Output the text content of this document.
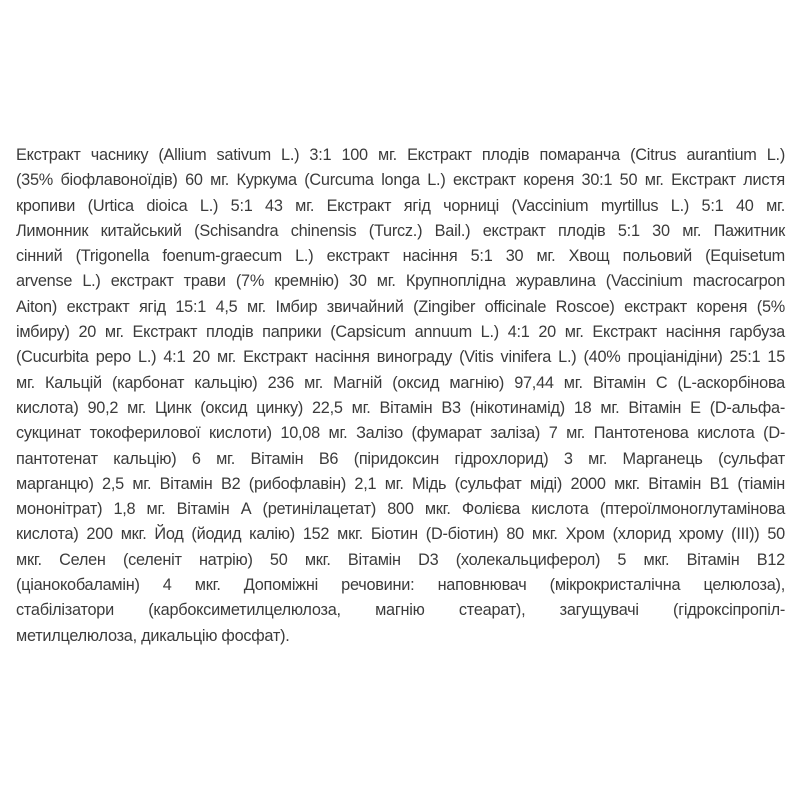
Екстракт часнику (Allium sativum L.) 3:1 100 мг. Екстракт плодів помаранча (Citrus aurantium L.)
(35% біофлавоноїдів) 60 мг. Куркума (Curcuma longa L.) екстракт кореня 30:1 50 мг. Екстракт листя
кропиви (Urtica dioica L.) 5:1 43 мг. Екстракт ягід чорниці (Vaccinium myrtillus L.) 5:1 40 мг.
Лимонник китайський (Schisandra chinensis (Turcz.) Bail.) екстракт плодів 5:1 30 мг. Пажитник
сінний (Trigonella foenum-graecum L.) екстракт насіння 5:1 30 мг. Хвощ польовий (Equisetum
arvense L.) екстракт трави (7% кремнію) 30 мг. Крупноплідна журавлина (Vaccinium macrocarpon
Aiton) екстракт ягід 15:1 4,5 мг. Імбир звичайний (Zingiber officinale Roscoe) екстракт кореня (5%
імбиру) 20 мг. Екстракт плодів паприки (Capsicum annuum L.) 4:1 20 мг. Екстракт насіння гарбуза
(Cucurbita pepo L.) 4:1 20 мг. Екстракт насіння винограду (Vitis vinifera L.) (40% проціанідіни) 25:1 15
мг. Кальцій (карбонат кальцію) 236 мг. Магній (оксид магнію) 97,44 мг. Вітамін С (L-аскорбінова
кислота) 90,2 мг. Цинк (оксид цинку) 22,5 мг. Вітамін В3 (нікотинамід) 18 мг. Вітамін Е (D-альфа-
сукцинат токоферилової кислоти) 10,08 мг. Залізо (фумарат заліза) 7 мг. Пантотенова кислота (D-
пантотенат кальцію) 6 мг. Вітамін В6 (піридоксин гідрохлорид) 3 мг. Марганець (сульфат
марганцю) 2,5 мг. Вітамін В2 (рибофлавін) 2,1 мг. Мідь (сульфат міді) 2000 мкг. Вітамін В1 (тіамін
мононітрат) 1,8 мг. Вітамін А (ретинілацетат) 800 мкг. Фолієва кислота (птероїлмоноглутамінова
кислота) 200 мкг. Йод (йодид калію) 152 мкг. Біотин (D-біотин) 80 мкг. Хром (хлорид хрому (III)) 50
мкг. Селен (селеніт натрію) 50 мкг. Вітамін D3 (холекальциферол) 5 мкг. Вітамін В12
(ціанокобаламін) 4 мкг. Допоміжні речовини: наповнювач (мікрокристалічна целюлоза),
стабілізатори (карбоксиметилцелюлоза, магнію стеарат), загущувачі (гідроксіпропіл-
метилцелюлоза, дикальцію фосфат).
